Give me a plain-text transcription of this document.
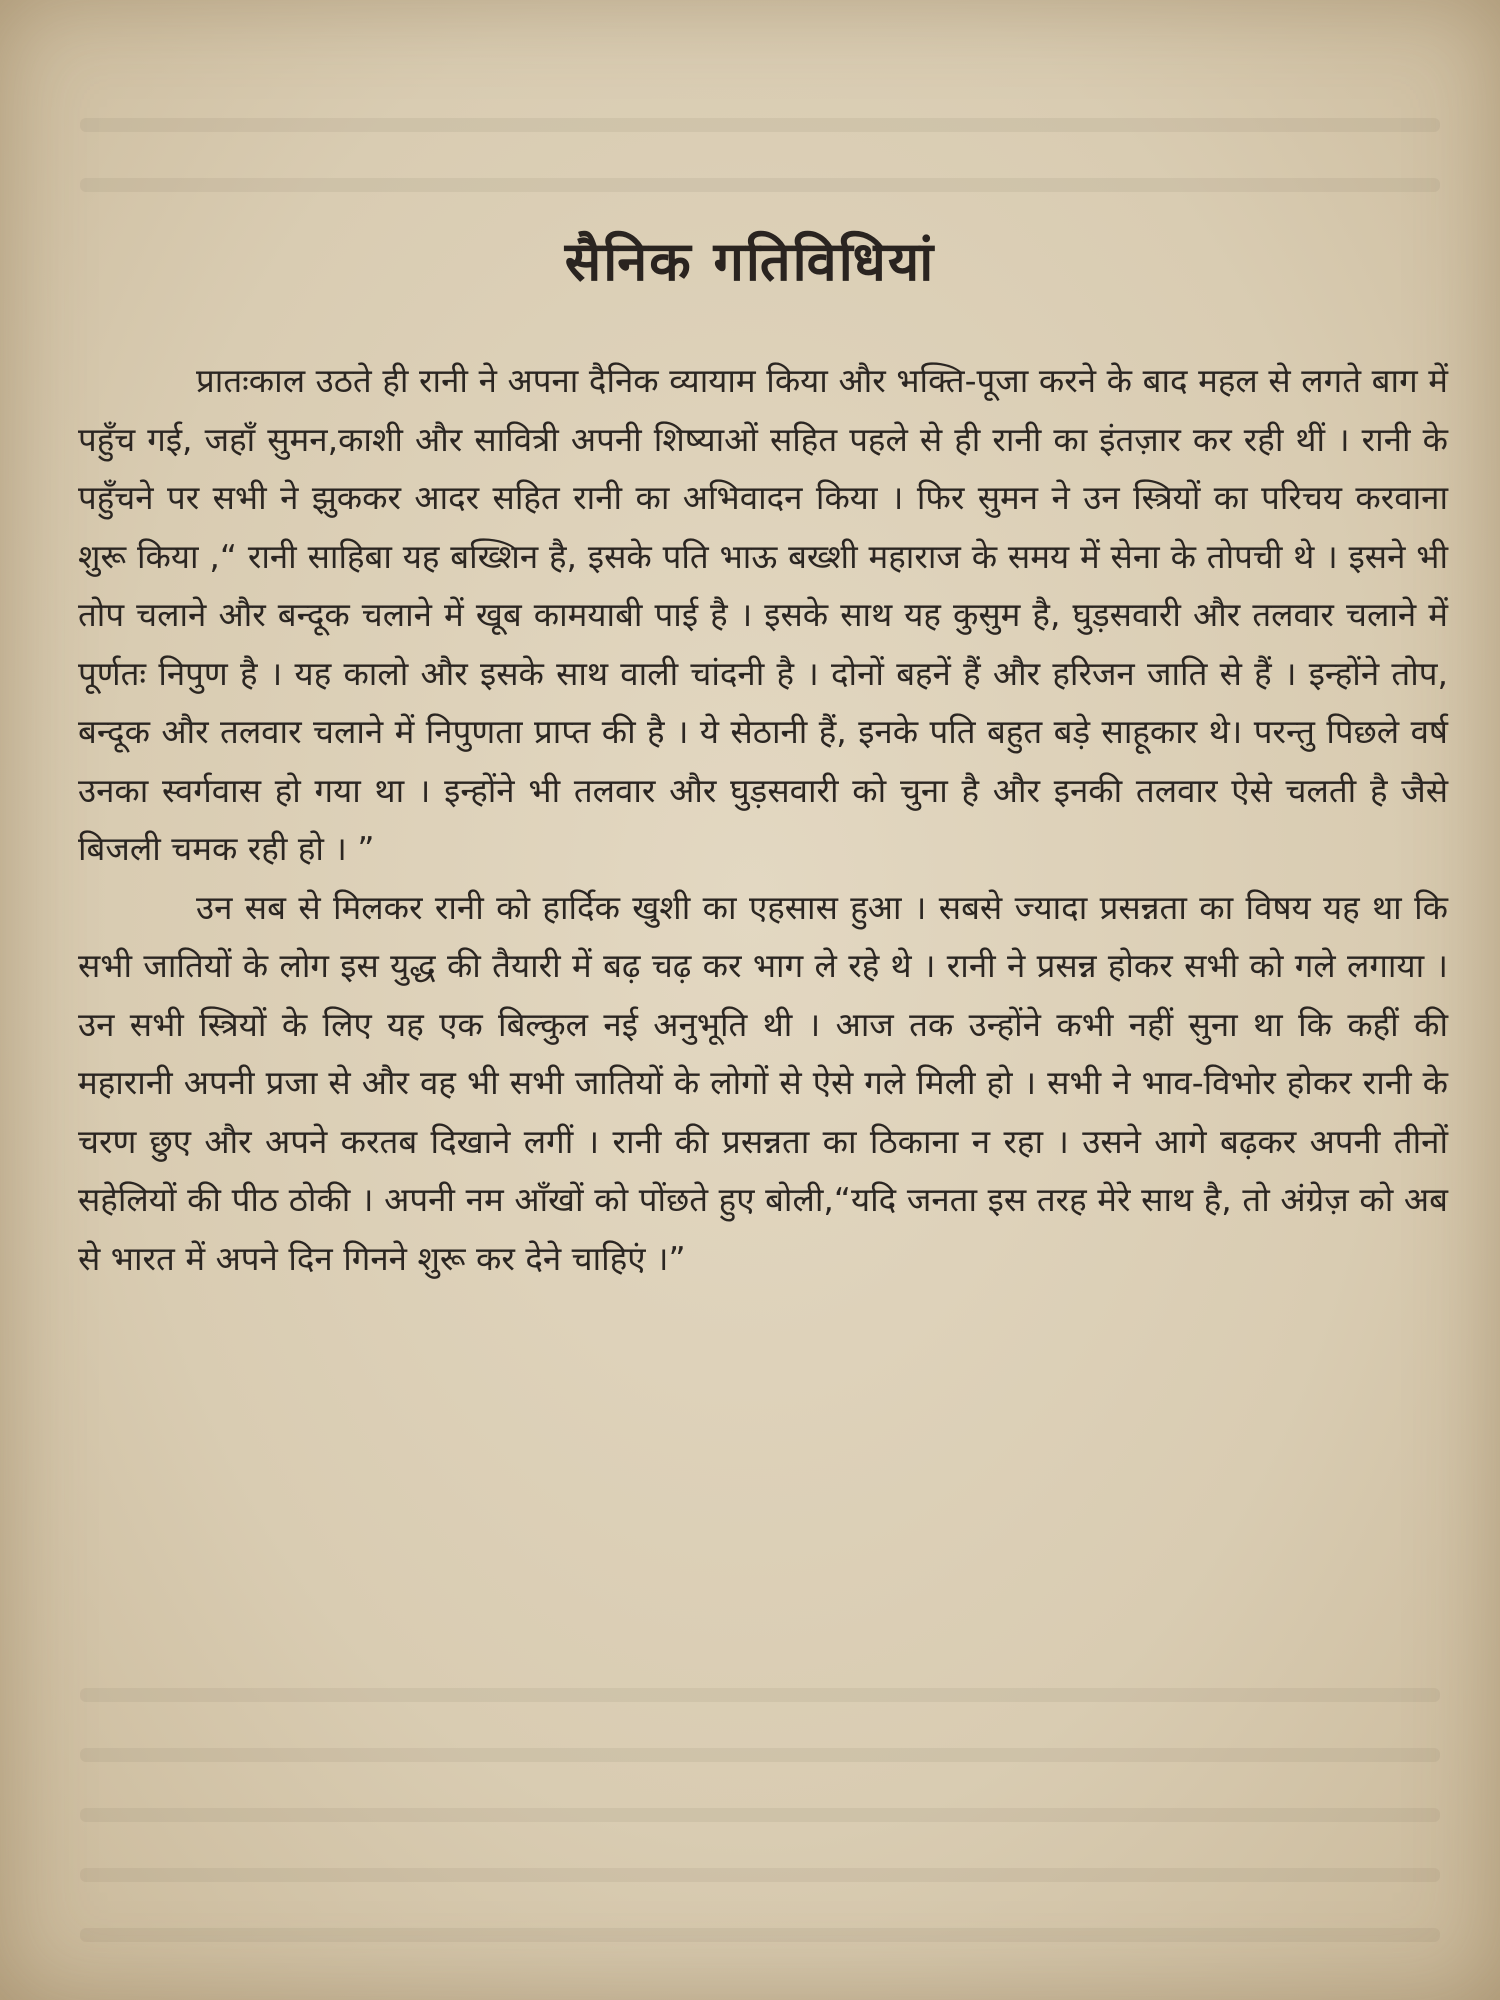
सैनिक गतिविधियां

प्रातःकाल उठते ही रानी ने अपना दैनिक व्यायाम किया और भक्ति-पूजा करने के बाद महल से लगते बाग में पहुँच गई, जहाँ सुमन,काशी और सावित्री अपनी शिष्याओं सहित पहले से ही रानी का इंतज़ार कर रही थीं । रानी के पहुँचने पर सभी ने झुककर आदर सहित रानी का अभिवादन किया । फिर सुमन ने उन स्त्रियों का परिचय करवाना शुरू किया ,“ रानी साहिबा यह बख्शिन है, इसके पति भाऊ बख्शी महाराज के समय में सेना के तोपची थे । इसने भी तोप चलाने और बन्दूक चलाने में खूब कामयाबी पाई है । इसके साथ यह कुसुम है, घुड़सवारी और तलवार चलाने में पूर्णतः निपुण है । यह कालो और इसके साथ वाली चांदनी है । दोनों बहनें हैं और हरिजन जाति से हैं । इन्होंने तोप, बन्दूक और तलवार चलाने में निपुणता प्राप्त की है । ये सेठानी हैं, इनके पति बहुत बड़े साहूकार थे। परन्तु पिछले वर्ष उनका स्वर्गवास हो गया था । इन्होंने भी तलवार और घुड़सवारी को चुना है और इनकी तलवार ऐसे चलती है जैसे बिजली चमक रही हो । ”

उन सब से मिलकर रानी को हार्दिक खुशी का एहसास हुआ । सबसे ज्यादा प्रसन्नता का विषय यह था कि सभी जातियों के लोग इस युद्ध की तैयारी में बढ़ चढ़ कर भाग ले रहे थे । रानी ने प्रसन्न होकर सभी को गले लगाया । उन सभी स्त्रियों के लिए यह एक बिल्कुल नई अनुभूति थी । आज तक उन्होंने कभी नहीं सुना था कि कहीं की महारानी अपनी प्रजा से और वह भी सभी जातियों के लोगों से ऐसे गले मिली हो । सभी ने भाव-विभोर होकर रानी के चरण छुए और अपने करतब दिखाने लगीं । रानी की प्रसन्नता का ठिकाना न रहा । उसने आगे बढ़कर अपनी तीनों सहेलियों की पीठ ठोकी । अपनी नम आँखों को पोंछते हुए बोली,“यदि जनता इस तरह मेरे साथ है, तो अंग्रेज़ को अब से भारत में अपने दिन गिनने शुरू कर देने चाहिएं ।”
